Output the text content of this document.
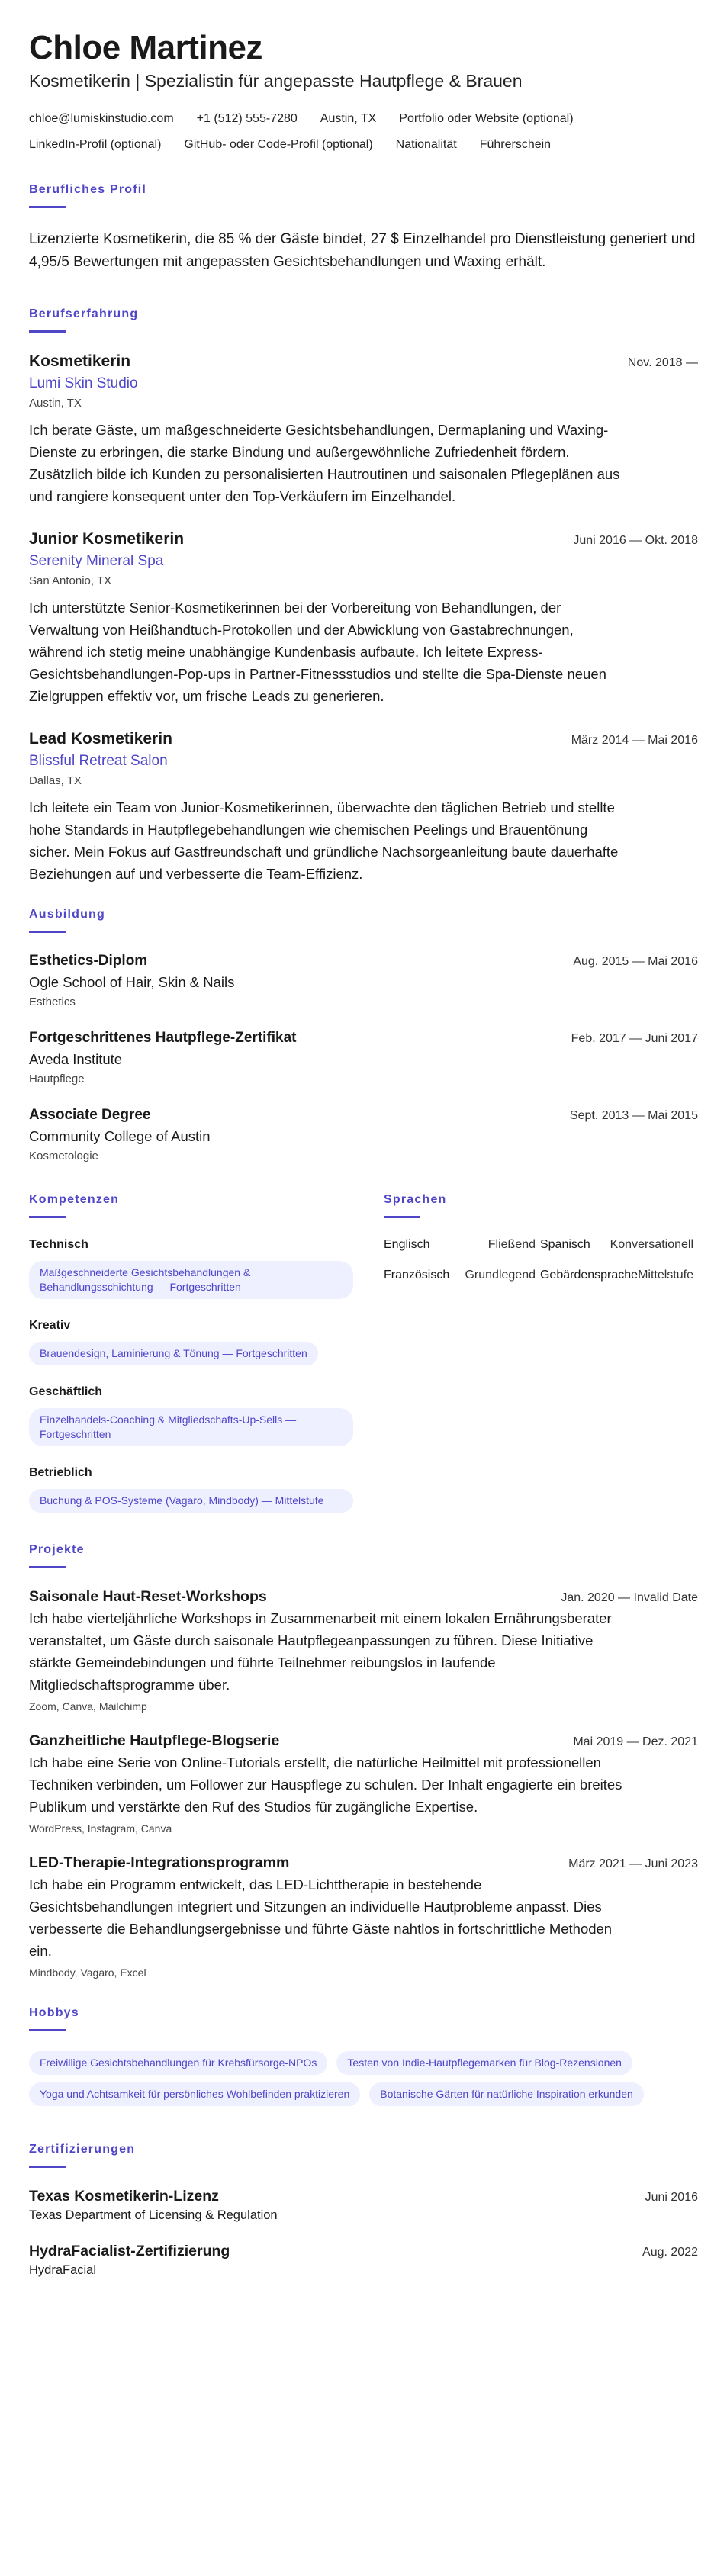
Chloe Martinez
Kosmetikerin | Spezialistin für angepasste Hautpflege & Brauen
chloe@lumiskinstudio.com +1 (512) 555-7280 Austin, TX Portfolio oder Website (optional)
LinkedIn-Profil (optional) GitHub- oder Code-Profil (optional) Nationalität Führerschein
Berufliches Profil

Lizenzierte Kosmetikerin, die 85 % der Gäste bindet, 27 $ Einzelhandel pro Dienstleistung generiert und 4,95/5 Bewertungen mit angepassten Gesichtsbehandlungen und Waxing erhält.

Berufserfahrung
Kosmetikerin	Nov. 2018 —
Lumi Skin Studio
Austin, TX

Ich berate Gäste, um maßgeschneiderte Gesichtsbehandlungen, Dermaplaning und Waxing-Dienste zu erbringen, die starke Bindung und außergewöhnliche Zufriedenheit fördern. Zusätzlich bilde ich Kunden zu personalisierten Hautroutinen und saisonalen Pflegeplänen aus und rangiere konsequent unter den Top-Verkäufern im Einzelhandel.

Junior Kosmetikerin	Juni 2016 — Okt. 2018
Serenity Mineral Spa
San Antonio, TX

Ich unterstützte Senior-Kosmetikerinnen bei der Vorbereitung von Behandlungen, der Verwaltung von Heißhandtuch-Protokollen und der Abwicklung von Gastabrechnungen, während ich stetig meine unabhängige Kundenbasis aufbaute. Ich leitete Express-Gesichtsbehandlungen-Pop-ups in Partner-Fitnessstudios und stellte die Spa-Dienste neuen Zielgruppen effektiv vor, um frische Leads zu generieren.

Lead Kosmetikerin	März 2014 — Mai 2016
Blissful Retreat Salon
Dallas, TX

Ich leitete ein Team von Junior-Kosmetikerinnen, überwachte den täglichen Betrieb und stellte hohe Standards in Hautpflegebehandlungen wie chemischen Peelings und Brauentönung sicher. Mein Fokus auf Gastfreundschaft und gründliche Nachsorgeanleitung baute dauerhafte Beziehungen auf und verbesserte die Team-Effizienz.

Ausbildung
Esthetics-Diplom	Aug. 2015 — Mai 2016
Ogle School of Hair, Skin & Nails
Esthetics
Fortgeschrittenes Hautpflege-Zertifikat	Feb. 2017 — Juni 2017
Aveda Institute
Hautpflege
Associate Degree	Sept. 2013 — Mai 2015
Community College of Austin
Kosmetologie
Kompetenzen
Technisch
Maßgeschneiderte Gesichtsbehandlungen & Behandlungsschichtung — Fortgeschritten
Kreativ
Brauendesign, Laminierung & Tönung — Fortgeschritten
Geschäftlich
Einzelhandels-Coaching & Mitgliedschafts-Up-Sells — Fortgeschritten
Betrieblich
Buchung & POS-Systeme (Vagaro, Mindbody) — Mittelstufe
Sprachen
Englisch	Fließend Spanisch Konversationell
Französisch Grundlegend Gebärdensprache Mittelstufe
Projekte
Saisonale Haut-Reset-Workshops	Jan. 2020 — Invalid Date

Ich habe vierteljährliche Workshops in Zusammenarbeit mit einem lokalen Ernährungsberater veranstaltet, um Gäste durch saisonale Hautpflegeanpassungen zu führen. Diese Initiative stärkte Gemeindebindungen und führte Teilnehmer reibungslos in laufende Mitgliedschaftsprogramme über.

Zoom, Canva, Mailchimp
Ganzheitliche Hautpflege-Blogserie	Mai 2019 — Dez. 2021

Ich habe eine Serie von Online-Tutorials erstellt, die natürliche Heilmittel mit professionellen Techniken verbinden, um Follower zur Hauspflege zu schulen. Der Inhalt engagierte ein breites Publikum und verstärkte den Ruf des Studios für zugängliche Expertise.

WordPress, Instagram, Canva
LED-Therapie-Integrationsprogramm	März 2021 — Juni 2023

Ich habe ein Programm entwickelt, das LED-Lichttherapie in bestehende Gesichtsbehandlungen integriert und Sitzungen an individuelle Hautprobleme anpasst. Dies verbesserte die Behandlungsergebnisse und führte Gäste nahtlos in fortschrittliche Methoden ein.

Mindbody, Vagaro, Excel
Hobbys
Freiwillige Gesichtsbehandlungen für Krebsfürsorge-NPOs	Testen von Indie-Hautpflegemarken für Blog-Rezensionen
Yoga und Achtsamkeit für persönliches Wohlbefinden praktizieren	Botanische Gärten für natürliche Inspiration erkunden
Zertifizierungen
Texas Kosmetikerin-Lizenz	Juni 2016
Texas Department of Licensing & Regulation
HydraFacialist-Zertifizierung	Aug. 2022
HydraFacial
